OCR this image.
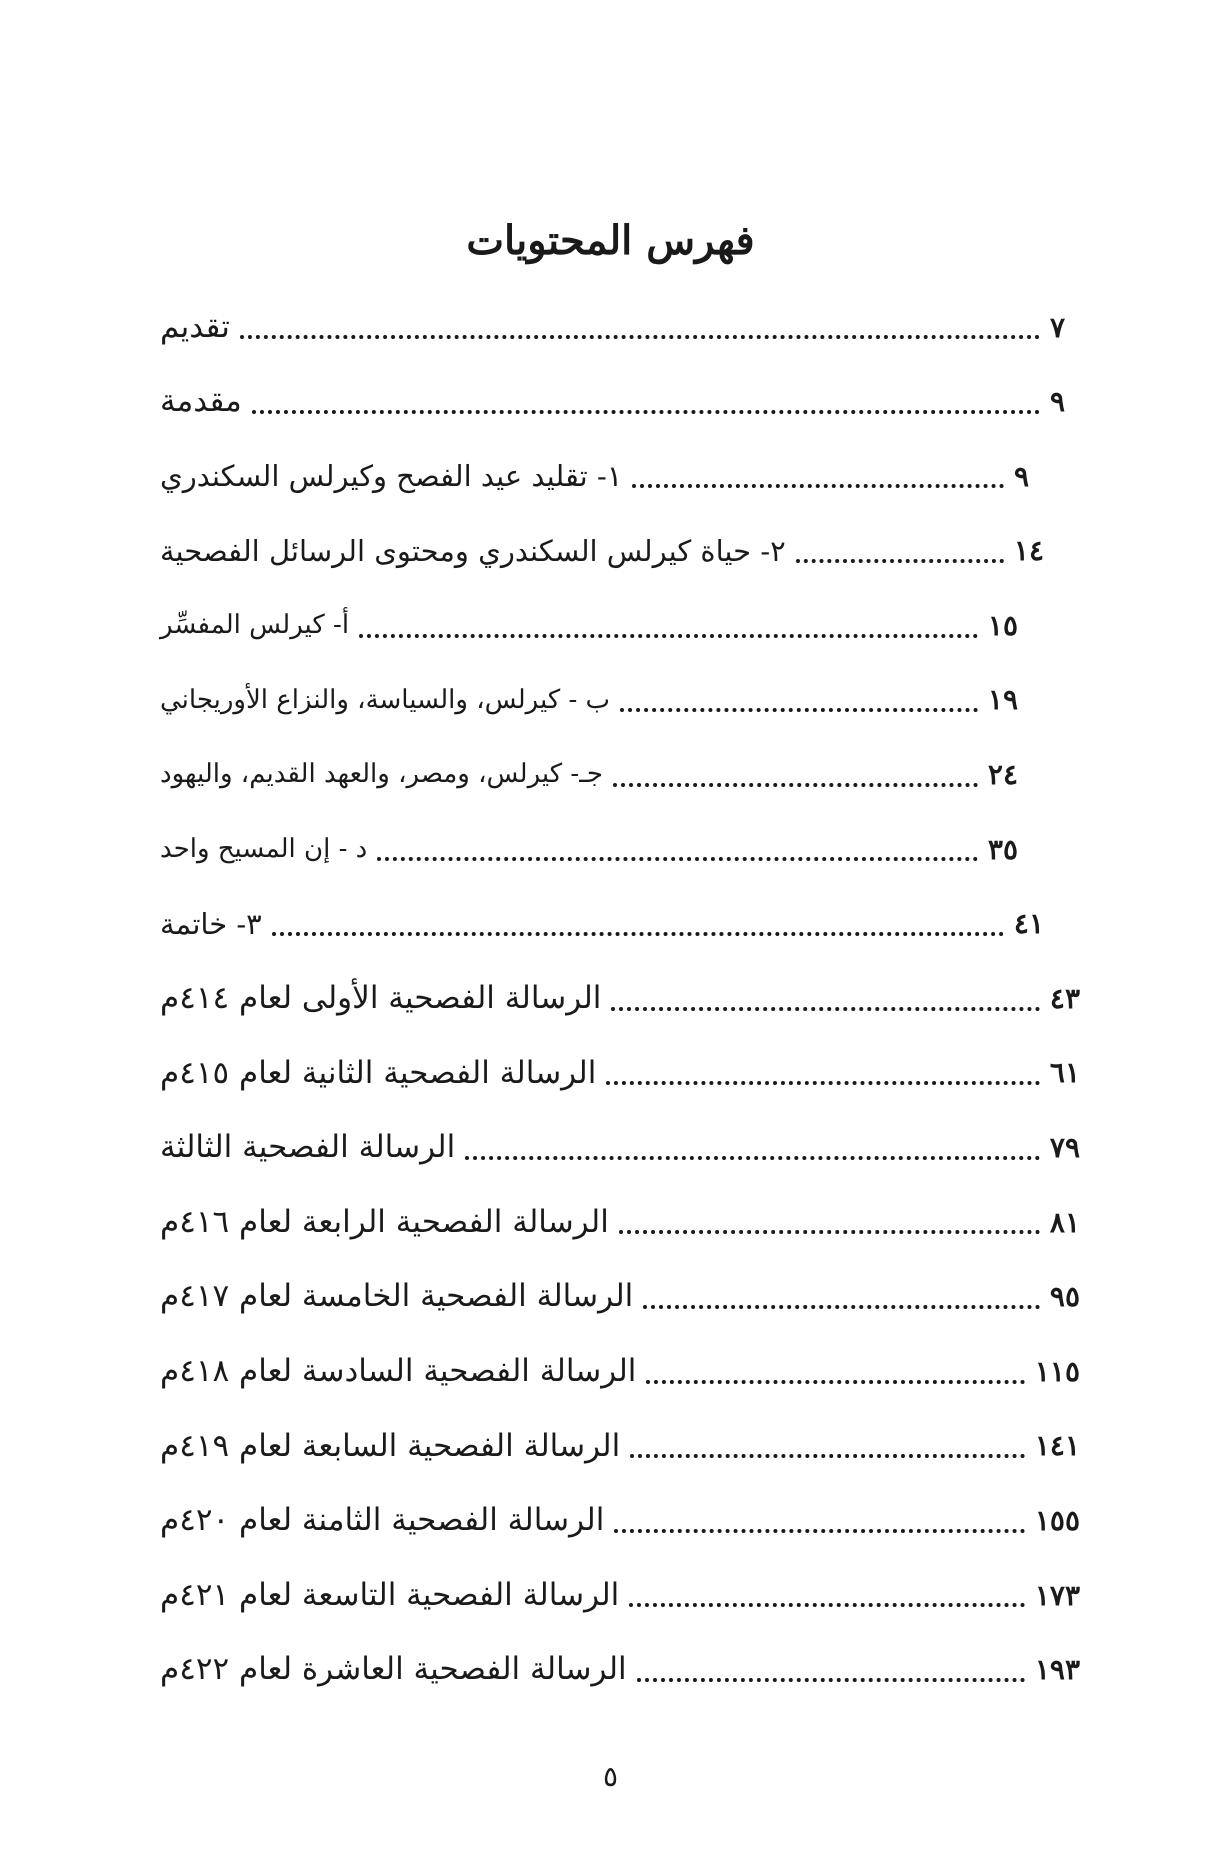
فهرس المحتويات
تقديم	٧
مقدمة	٩
١- تقليد عيد الفصح وكيرلس السكندري	٩
٢- حياة كيرلس السكندري ومحتوى الرسائل الفصحية	١٤
أ- كيرلس المفسِّر	١٥
ب - كيرلس، والسياسة، والنزاع الأوريجاني	١٩
جـ- كيرلس، ومصر، والعهد القديم، واليهود	٢٤
د - إن المسيح واحد	٣٥
٣- خاتمة	٤١
الرسالة الفصحية الأولى لعام ٤١٤م	٤٣
الرسالة الفصحية الثانية لعام ٤١٥م	٦١
الرسالة الفصحية الثالثة	٧٩
الرسالة الفصحية الرابعة لعام ٤١٦م	٨١
الرسالة الفصحية الخامسة لعام ٤١٧م	٩٥
الرسالة الفصحية السادسة لعام ٤١٨م	١١٥
الرسالة الفصحية السابعة لعام ٤١٩م	١٤١
الرسالة الفصحية الثامنة لعام ٤٢٠م	١٥٥
الرسالة الفصحية التاسعة لعام ٤٢١م	١٧٣
الرسالة الفصحية العاشرة لعام ٤٢٢م	١٩٣
٥
